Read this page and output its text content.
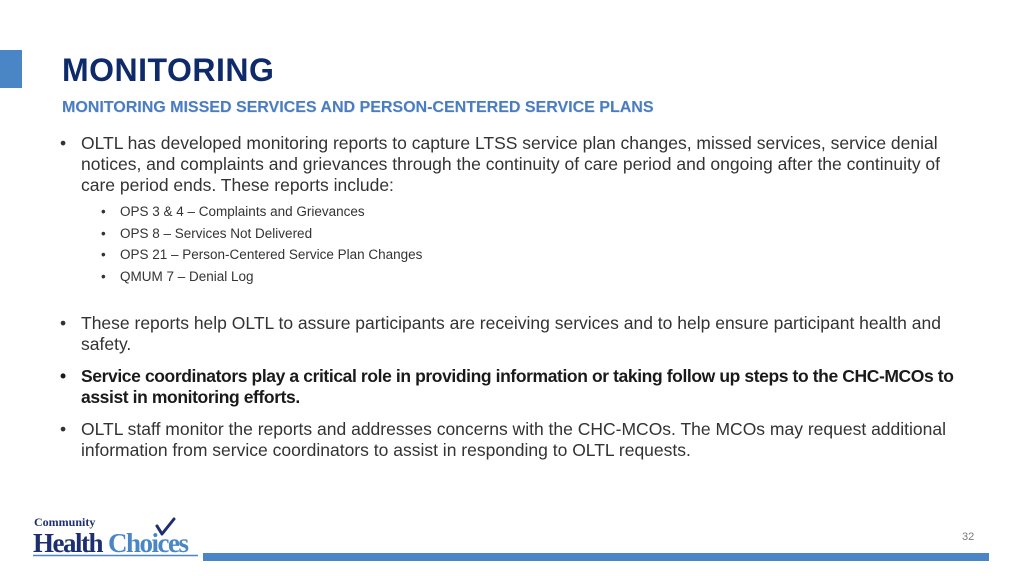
MONITORING
MONITORING MISSED SERVICES AND PERSON-CENTERED SERVICE PLANS
• OLTL has developed monitoring reports to capture LTSS service plan changes, missed services, service denial notices, and complaints and grievances through the continuity of care period and ongoing after the continuity of care period ends. These reports include:
• OPS 3 & 4 – Complaints and Grievances
• OPS 8 – Services Not Delivered
• OPS 21 – Person-Centered Service Plan Changes
• QMUM 7 – Denial Log
• These reports help OLTL to assure participants are receiving services and to help ensure participant health and safety.
• Service coordinators play a critical role in providing information or taking follow up steps to the CHC-MCOs to assist in monitoring efforts.
• OLTL staff monitor the reports and addresses concerns with the CHC-MCOs. The MCOs may request additional information from service coordinators to assist in responding to OLTL requests.
Community
Health Choices	32
